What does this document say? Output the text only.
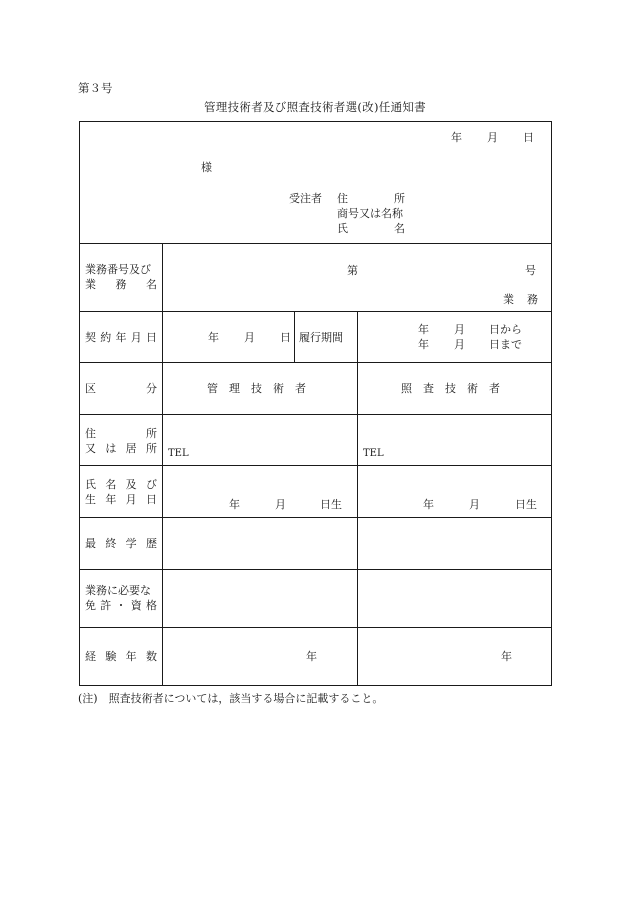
第３号
管理技術者及び照査技術者選(改)任通知書
年 月 日
様
受注者 住	所
商号又は名称
氏	名
業務番号及び
業 務 名
第	号
業　務
契 約 年 月 日	年 月 日 履行期間
年 月 日から
年 月 日まで
区	分	管　理　技　術　者	照　査　技　術　者
住	所
又 は 居 所 TEL	TEL
氏 名 及 び
生 年 月 日	年	月	日生	年	月	日生
最 終 学 歴
業務に必要な
免 許 ・ 資 格
経 験 年 数	年	年
(注)　照査技術者については，該当する場合に記載すること。
